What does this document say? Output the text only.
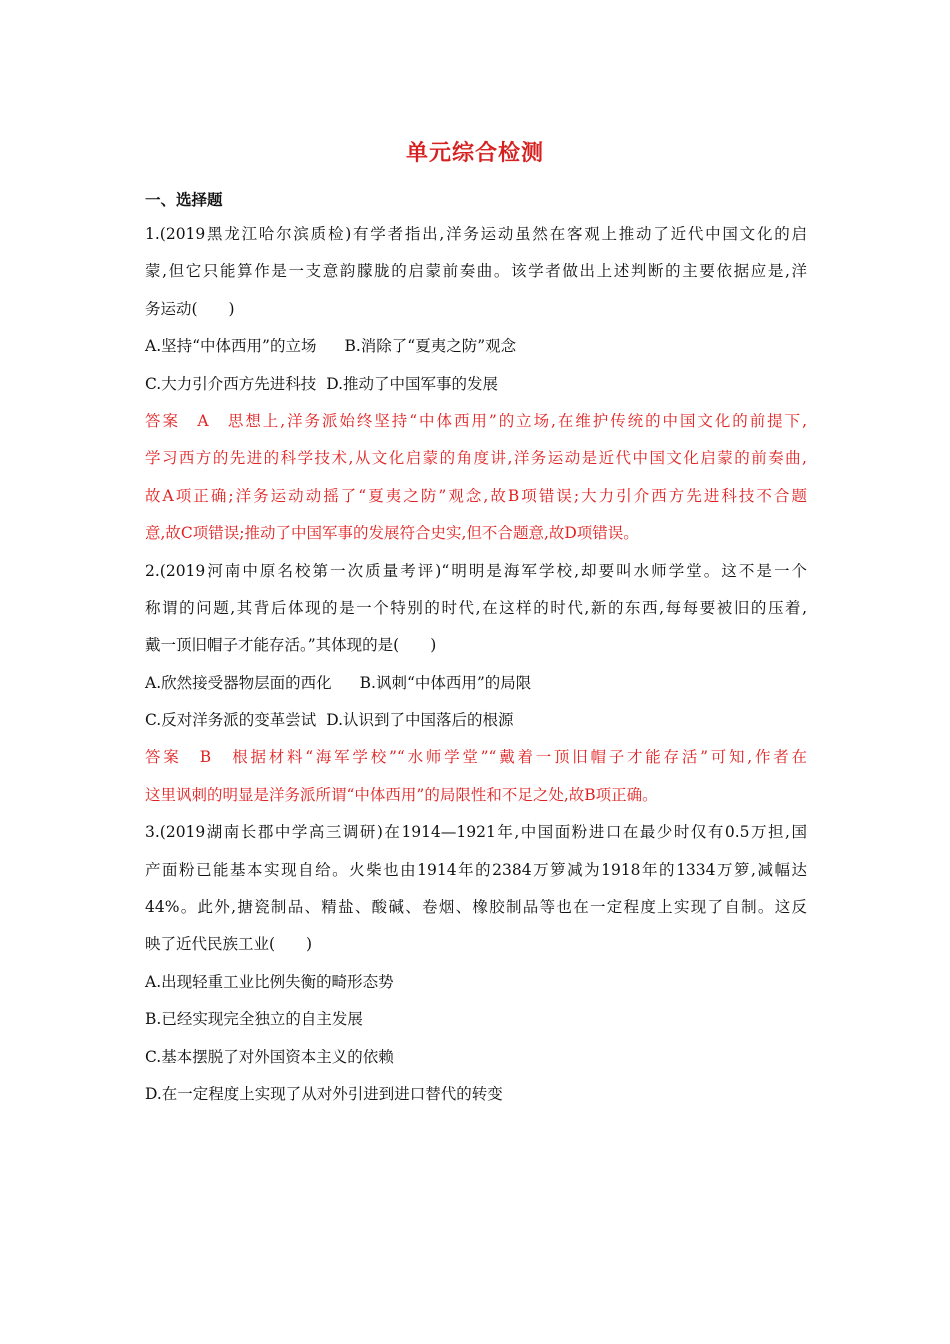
单元综合检测
一、选择题
1.(2019黑龙江哈尔滨质检)有学者指出,洋务运动虽然在客观上推动了近代中国文化的启
蒙,但它只能算作是一支意韵朦胧的启蒙前奏曲。该学者做出上述判断的主要依据应是,洋
务运动(　　)
A.坚持“中体西用”的立场 B.消除了“夏夷之防”观念
C.大力引介西方先进科技 D.推动了中国军事的发展
答案　A　思想上,洋务派始终坚持“中体西用”的立场,在维护传统的中国文化的前提下,
学习西方的先进的科学技术,从文化启蒙的角度讲,洋务运动是近代中国文化启蒙的前奏曲,
故A项正确;洋务运动动摇了“夏夷之防”观念,故B项错误;大力引介西方先进科技不合题
意,故C项错误;推动了中国军事的发展符合史实,但不合题意,故D项错误。
2.(2019河南中原名校第一次质量考评)“明明是海军学校,却要叫水师学堂。这不是一个
称谓的问题,其背后体现的是一个特别的时代,在这样的时代,新的东西,每每要被旧的压着,
戴一顶旧帽子才能存活。”其体现的是(　　)
A.欣然接受器物层面的西化 B.讽刺“中体西用”的局限
C.反对洋务派的变革尝试 D.认识到了中国落后的根源
答案　B　根据材料“海军学校”“水师学堂”“戴着一顶旧帽子才能存活”可知,作者在
这里讽刺的明显是洋务派所谓“中体西用”的局限性和不足之处,故B项正确。
3.(2019湖南长郡中学高三调研)在1914—1921年,中国面粉进口在最少时仅有0.5万担,国
产面粉已能基本实现自给。火柴也由1914年的2384万箩减为1918年的1334万箩,减幅达
44%。此外,搪瓷制品、精盐、酸碱、卷烟、橡胶制品等也在一定程度上实现了自制。这反
映了近代民族工业(　　)
A.出现轻重工业比例失衡的畸形态势
B.已经实现完全独立的自主发展
C.基本摆脱了对外国资本主义的依赖
D.在一定程度上实现了从对外引进到进口替代的转变
